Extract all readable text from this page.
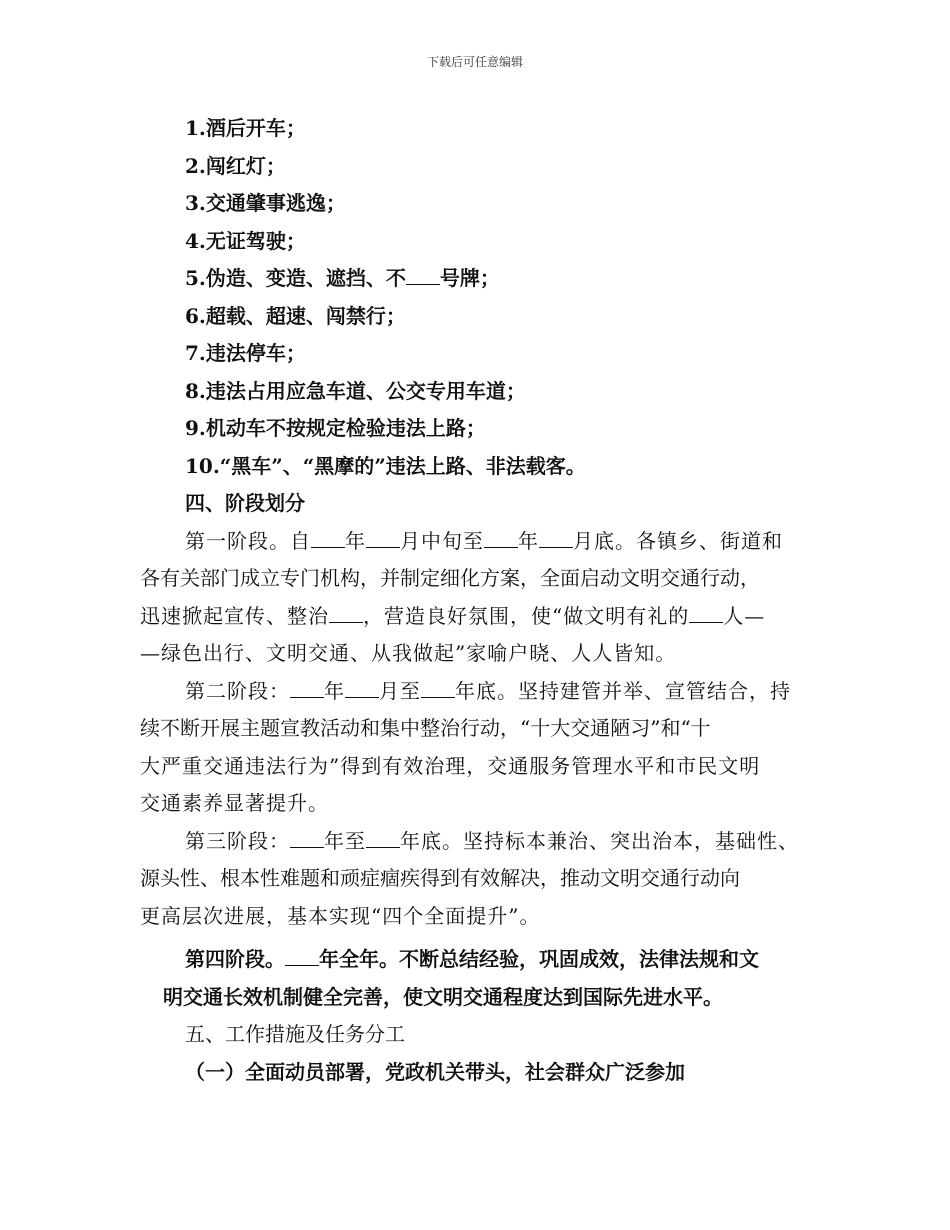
下载后可任意编辑
1.酒后开车；
2.闯红灯；
3.交通肇事逃逸；
4.无证驾驶；
5.伪造、变造、遮挡、不 号牌；
6.超载、超速、闯禁行；
7.违法停车；
8.违法占用应急车道、公交专用车道；
9.机动车不按规定检验违法上路；
10.“黑车”、“黑摩的”违法上路、非法载客。
四、阶段划分
第一阶段。自 年 月中旬至 年 月底。各镇乡、街道和
各有关部门成立专门机构，并制定细化方案，全面启动文明交通行动，
迅速掀起宣传、整治 ，营造良好氛围，使“做文明有礼的 人—
—绿色出行、文明交通、从我做起”家喻户晓、人人皆知。
第二阶段： 年 月至 年底。坚持建管并举、宣管结合，持
续不断开展主题宣教活动和集中整治行动，“十大交通陋习”和“十
大严重交通违法行为”得到有效治理，交通服务管理水平和市民文明
交通素养显著提升。
第三阶段： 年至 年底。坚持标本兼治、突出治本，基础性、
源头性、根本性难题和顽症痼疾得到有效解决，推动文明交通行动向
更高层次进展，基本实现“四个全面提升”。
第四阶段。 年全年。不断总结经验，巩固成效，法律法规和文
明交通长效机制健全完善，使文明交通程度达到国际先进水平。
五、工作措施及任务分工
（一）全面动员部署，党政机关带头，社会群众广泛参加
